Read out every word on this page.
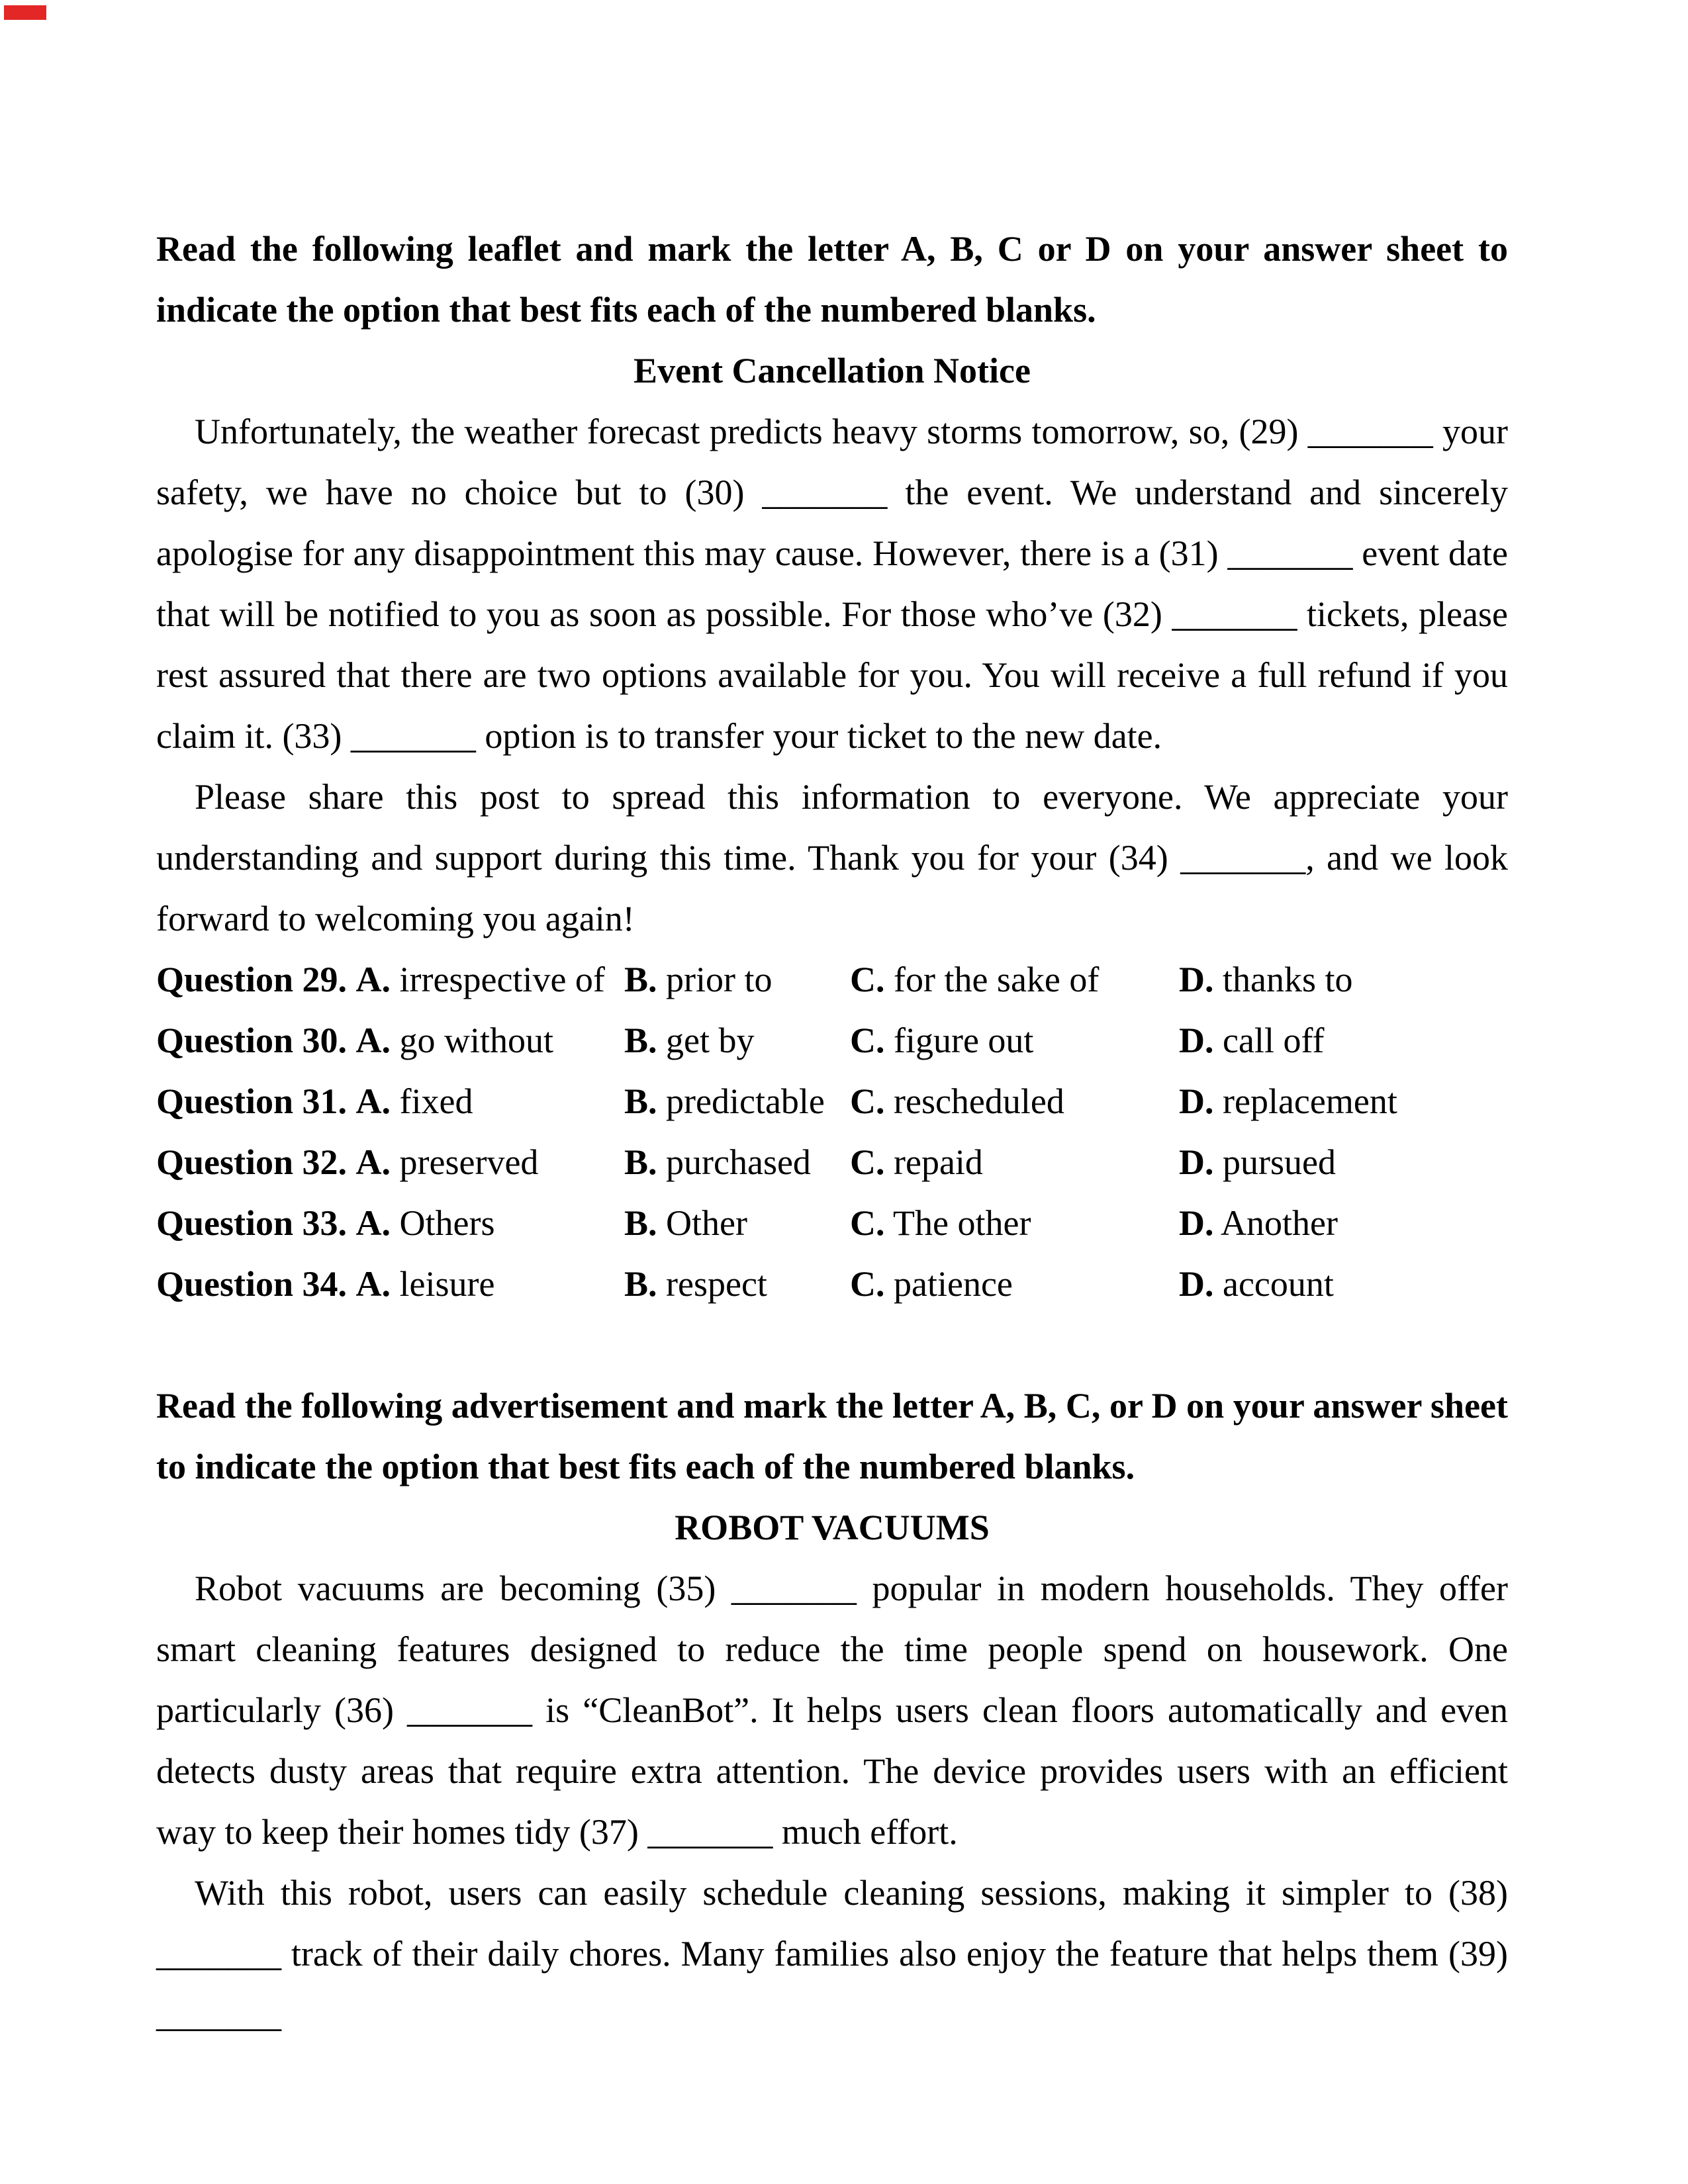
Read the following leaflet and mark the letter A, B, C or D on your answer sheet to indicate the option that best fits each of the numbered blanks.

Event Cancellation Notice

Unfortunately, the weather forecast predicts heavy storms tomorrow, so, (29) _______ your safety, we have no choice but to (30) _______ the event. We understand and sincerely apologise for any disappointment this may cause. However, there is a (31) _______ event date that will be notified to you as soon as possible. For those who’ve (32) _______ tickets, please rest assured that there are two options available for you. You will receive a full refund if you claim it. (33) _______ option is to transfer your ticket to the new date.

Please share this post to spread this information to everyone. We appreciate your understanding and support during this time. Thank you for your (34) _______, and we look forward to welcoming you again!

Question 29. A. irrespective of B. prior to	C. for the sake of	D. thanks to
Question 30. A. go without	B. get by	C. figure out	D. call off
Question 31. A. fixed	B. predictable C. rescheduled	D. replacement
Question 32. A. preserved	B. purchased	C. repaid	D. pursued
Question 33. A. Others	B. Other	C. The other	D. Another
Question 34. A. leisure	B. respect	C. patience	D. account

Read the following advertisement and mark the letter A, B, C, or D on your answer sheet to indicate the option that best fits each of the numbered blanks.

ROBOT VACUUMS

Robot vacuums are becoming (35) _______ popular in modern households. They offer smart cleaning features designed to reduce the time people spend on housework. One particularly (36) _______ is “CleanBot”. It helps users clean floors automatically and even detects dusty areas that require extra attention. The device provides users with an efficient way to keep their homes tidy (37) _______ much effort.

With this robot, users can easily schedule cleaning sessions, making it simpler to (38) _______ track of their daily chores. Many families also enjoy the feature that helps them (39) _______
